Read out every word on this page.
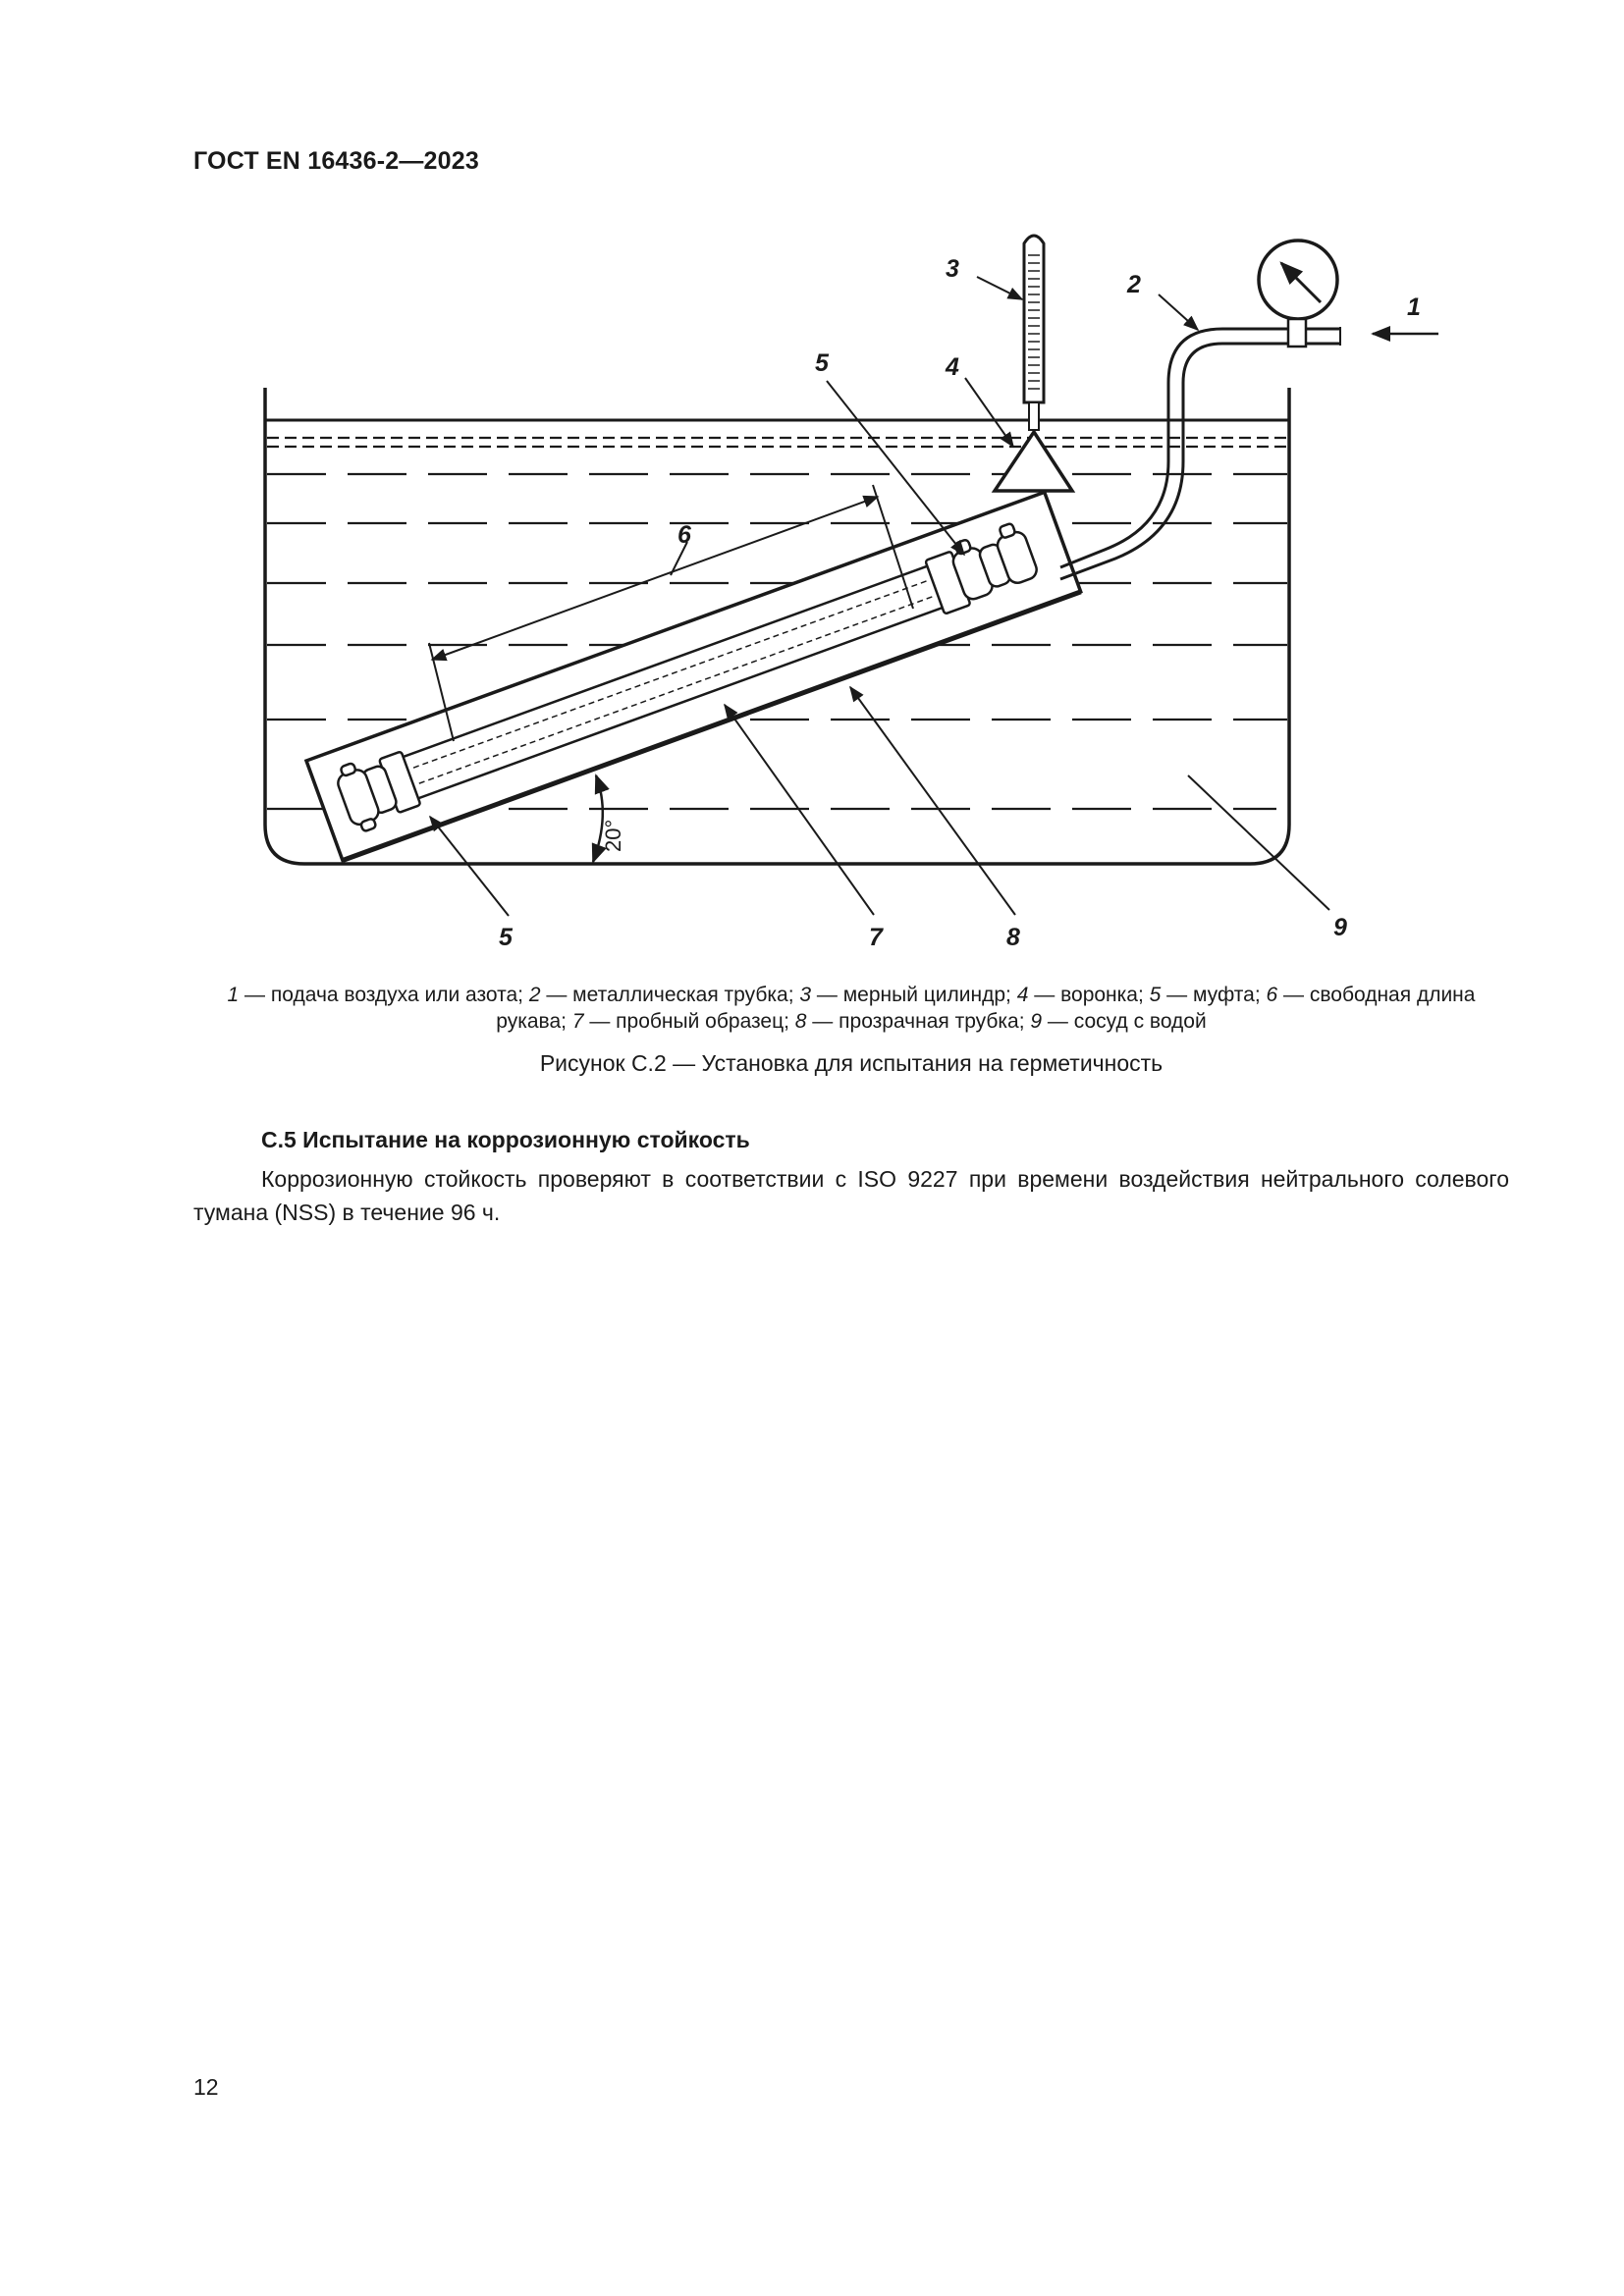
ГОСТ EN 16436-2—2023
1
2
3
4
5
6
5	7	8	9
20°
1 — подача воздуха или азота; 2 — металлическая трубка; 3 — мерный цилиндр; 4 — воронка; 5 — муфта; 6 — свободная длина рукава; 7 — пробный образец; 8 — прозрачная трубка; 9 — сосуд с водой
Рисунок С.2 — Установка для испытания на герметичность
С.5 Испытание на коррозионную стойкость
Коррозионную стойкость проверяют в соответствии с ISO 9227 при времени воздействия нейтрального солевого тумана (NSS) в течение 96 ч.
12
